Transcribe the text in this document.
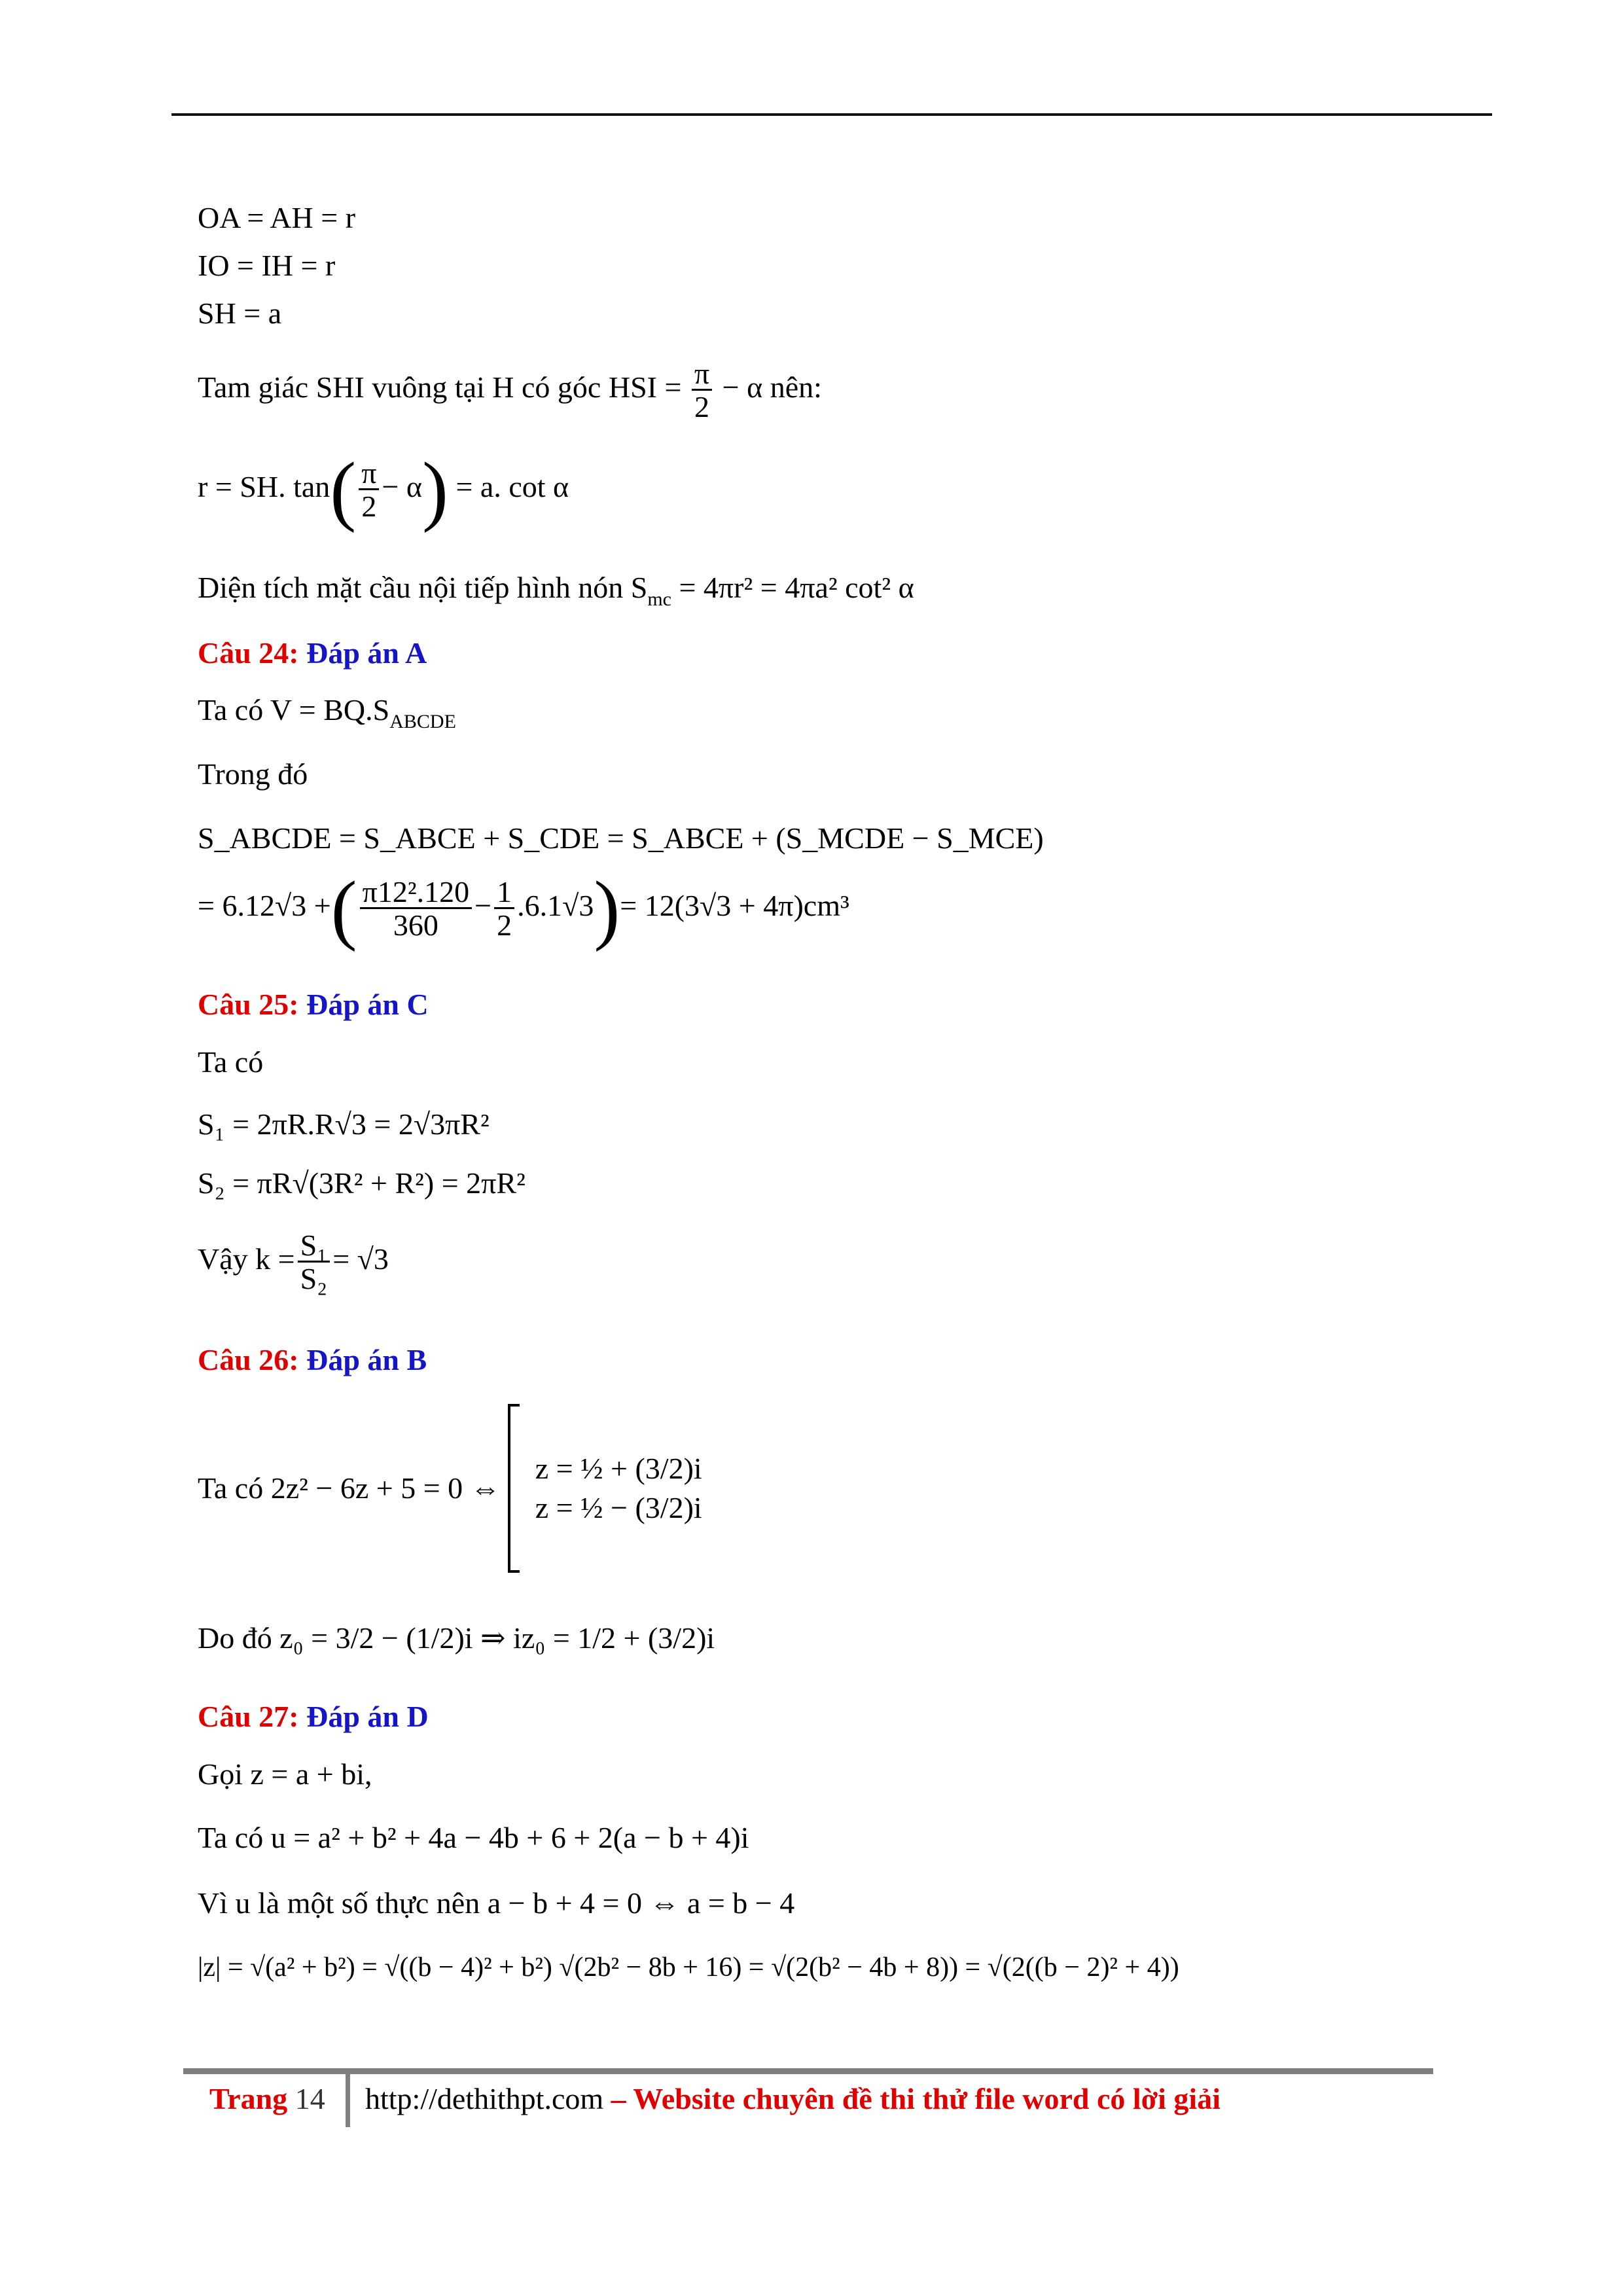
OA = AH = r
IO = IH = r
SH = a
Tam giác SHI vuông tại H có góc HSI = $\frac{\pi}{2} - \alpha$ nên:
r = SH. $\tan( \frac{\pi}{2} - \alpha) = a$. cot α
Diện tích mặt cầu nội tiếp hình nón $S_{mc} = 4\pi r^2 = 4\pi a^2$ cot² α
Câu 24: Đáp án A
Ta có $V = BQ.S_{ABCDE}$
Trong đó
S_ABCDE = S_ABCE + S_CDE = S_ABCE + (S_MCDE − S_MCE)
= 6.12√3 +( $\frac{\text{π12².120}}{360} - \frac{1}{2} .6.1√3)= 12(3√3 + 4\pi)cm^3$
Câu 25: Đáp án C
Ta có
S₁ = 2πR.R√3 = 2√3πR²
S₂ = πR√(3R² + R²) = 2πR²
Vậy $k = \frac{\text{S₁}}{\text{S₂}} = √3$
Câu 26: Đáp án B
Ta có 2z² − 6z + 5 = 0 ⇔
z = ½ + (3/2)i
z = ½ − (3/2)i
Do đó z₀ = 3/2 − (1/2)i ⇒ iz₀ = 1/2 + (3/2)i
Câu 27: Đáp án D
Gọi z = a + bi,
Ta có u = a² + b² + 4a − 4b + 6 + 2(a − b + 4)i
Vì u là một số thực nên a − b + 4 = 0 ⇔ a = b − 4
|z| = √(a² + b²) = √((b − 4)² + b²) √(2b² − 8b + 16) = √(2(b² − 4b + 8)) = √(2((b − 2)² + 4))
Trang 14 http://dethithpt.com – Website chuyên đề thi thử file word có lời giải
